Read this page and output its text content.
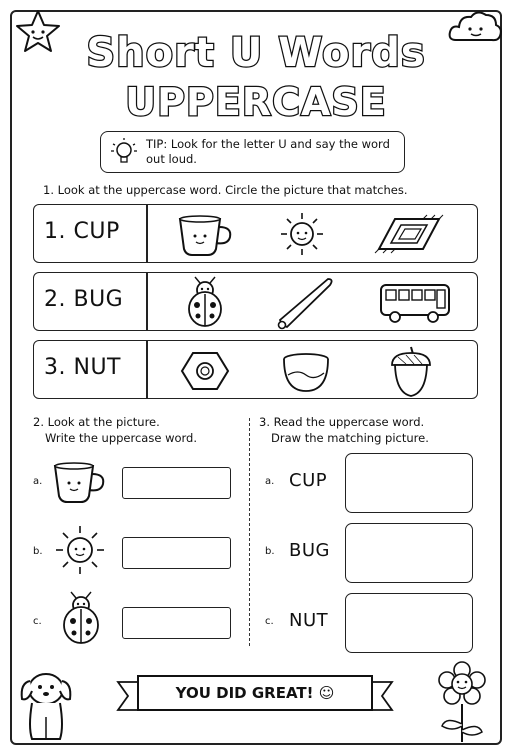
Short U Words
UPPERCASE
TIP: Look for the letter U and say the word out loud.
1. Look at the uppercase word. Circle the picture that matches.
1. CUP
2. BUG
3. NUT
2. Look at the picture.
Write the uppercase word.
a.
b.
c.
3. Read the uppercase word.
Draw the matching picture.
a. CUP
b. BUG
c. NUT
YOU DID GREAT! ☺
